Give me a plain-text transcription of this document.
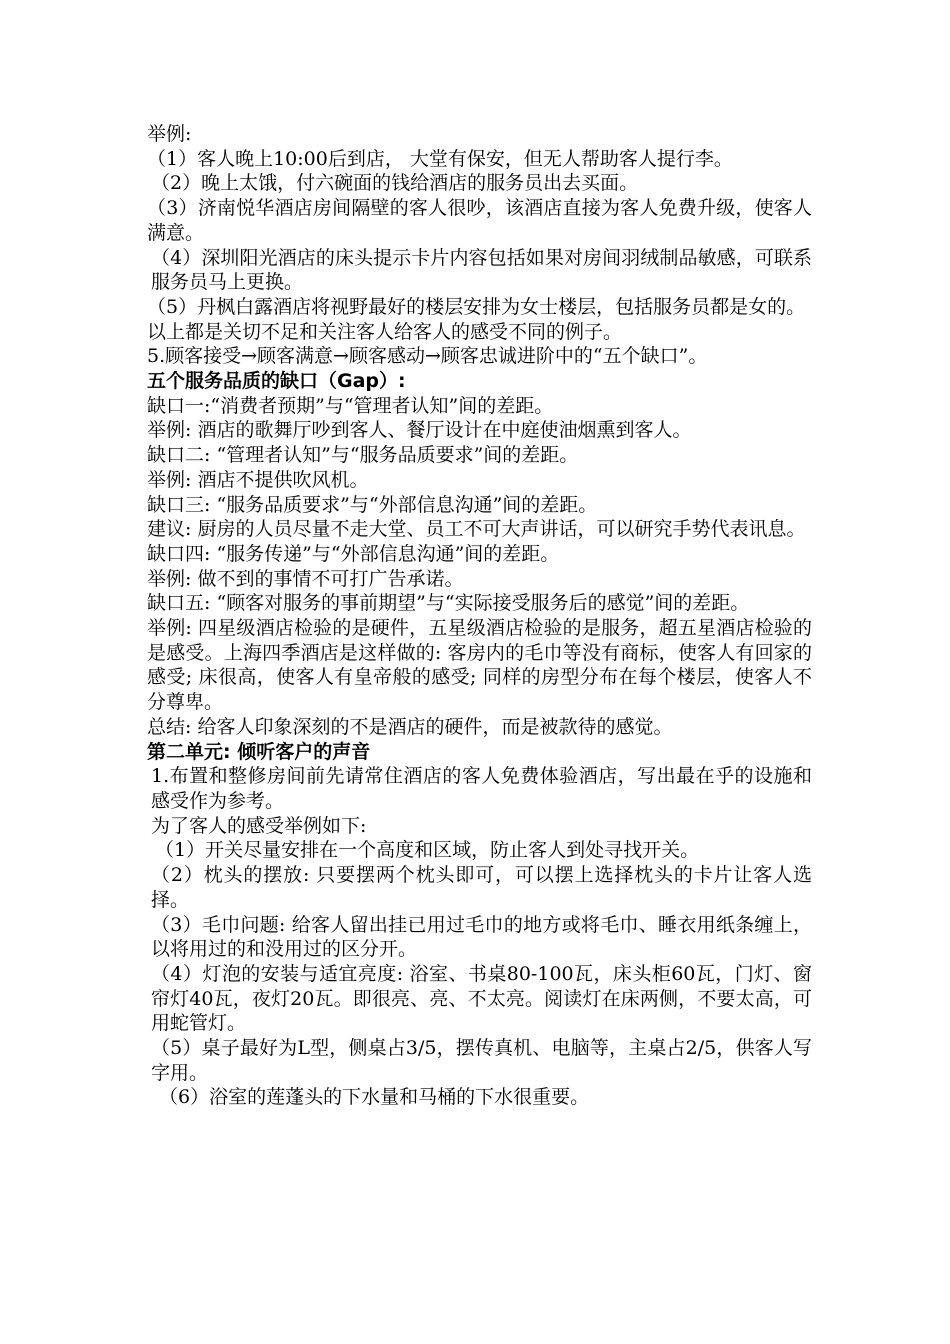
举例:

（1）客人晚上10:00后到店， 大堂有保安，但无人帮助客人提行李。

（2）晚上太饿，付六碗面的钱给酒店的服务员出去买面。

（3）济南悦华酒店房间隔壁的客人很吵，该酒店直接为客人免费升级，使客人满意。

（4）深圳阳光酒店的床头提示卡片内容包括如果对房间羽绒制品敏感，可联系服务员马上更换。

（5）丹枫白露酒店将视野最好的楼层安排为女士楼层，包括服务员都是女的。

以上都是关切不足和关注客人给客人的感受不同的例子。

5.顾客接受→顾客满意→顾客感动→顾客忠诚进阶中的“五个缺口”。

五个服务品质的缺口（Gap）:

缺口一:“消费者预期”与“管理者认知”间的差距。

举例: 酒店的歌舞厅吵到客人、餐厅设计在中庭使油烟熏到客人。

缺口二: “管理者认知”与“服务品质要求”间的差距。

举例: 酒店不提供吹风机。

缺口三: “服务品质要求”与“外部信息沟通”间的差距。

建议: 厨房的人员尽量不走大堂、员工不可大声讲话，可以研究手势代表讯息。

缺口四: “服务传递”与“外部信息沟通”间的差距。

举例: 做不到的事情不可打广告承诺。

缺口五: “顾客对服务的事前期望”与“实际接受服务后的感觉”间的差距。

举例: 四星级酒店检验的是硬件，五星级酒店检验的是服务，超五星酒店检验的是感受。上海四季酒店是这样做的: 客房内的毛巾等没有商标，使客人有回家的感受; 床很高，使客人有皇帝般的感受; 同样的房型分布在每个楼层，使客人不分尊卑。

总结: 给客人印象深刻的不是酒店的硬件，而是被款待的感觉。

第二单元: 倾听客户的声音

1.布置和整修房间前先请常住酒店的客人免费体验酒店，写出最在乎的设施和感受作为参考。

为了客人的感受举例如下:

（1）开关尽量安排在一个高度和区域，防止客人到处寻找开关。

（2）枕头的摆放: 只要摆两个枕头即可，可以摆上选择枕头的卡片让客人选择。

（3）毛巾问题: 给客人留出挂已用过毛巾的地方或将毛巾、睡衣用纸条缠上，以将用过的和没用过的区分开。

（4）灯泡的安装与适宜亮度: 浴室、书桌80-100瓦，床头柜60瓦，门灯、窗帘灯40瓦，夜灯20瓦。即很亮、亮、不太亮。阅读灯在床两侧，不要太高，可用蛇管灯。

（5）桌子最好为L型，侧桌占3/5，摆传真机、电脑等，主桌占2/5，供客人写字用。

（6）浴室的莲蓬头的下水量和马桶的下水很重要。
